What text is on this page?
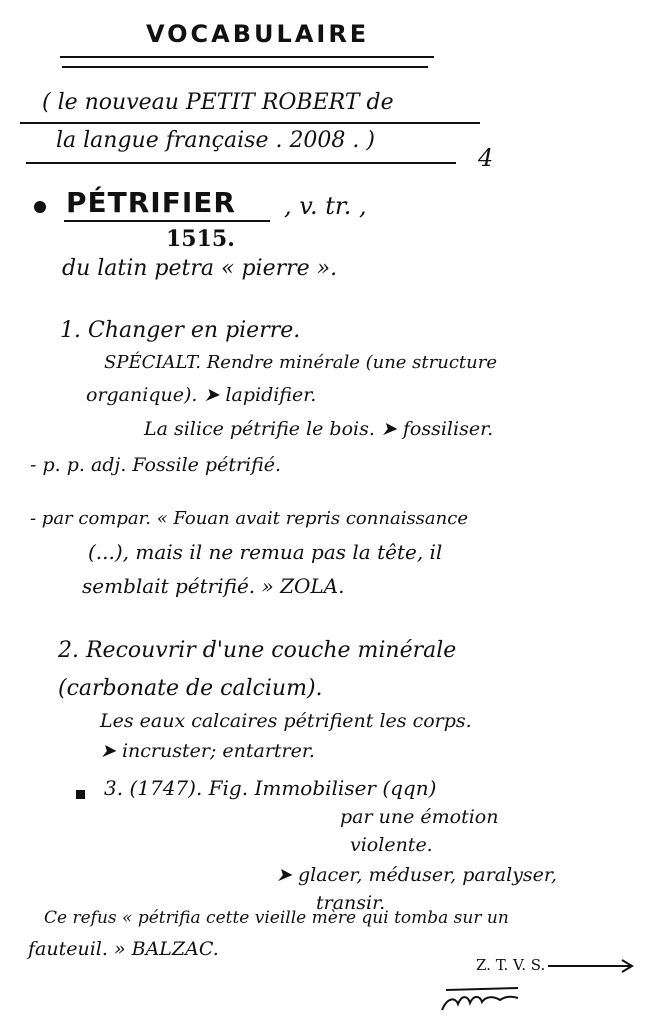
VOCABULAIRE
( le nouveau PETIT ROBERT de
la langue française . 2008 . )
4
PÉTRIFIER , v. tr. ,
1515.
du latin petra « pierre ».
1. Changer en pierre.
SPÉCIALT. Rendre minérale (une structure
organique). ➤ lapidifier.
La silice pétrifie le bois. ➤ fossiliser.
- p. p. adj. Fossile pétrifié.
- par compar. « Fouan avait repris connaissance
(...), mais il ne remua pas la tête, il
semblait pétrifié. » ZOLA.
2. Recouvrir d'une couche minérale
(carbonate de calcium).
Les eaux calcaires pétrifient les corps.
➤ incruster; entartrer.
3. (1747). Fig. Immobiliser (qqn)
par une émotion
violente.
➤ glacer, méduser, paralyser,
transir.
Ce refus « pétrifia cette vieille mère qui tomba sur un
fauteuil. » BALZAC.
Z. T. V. S.
